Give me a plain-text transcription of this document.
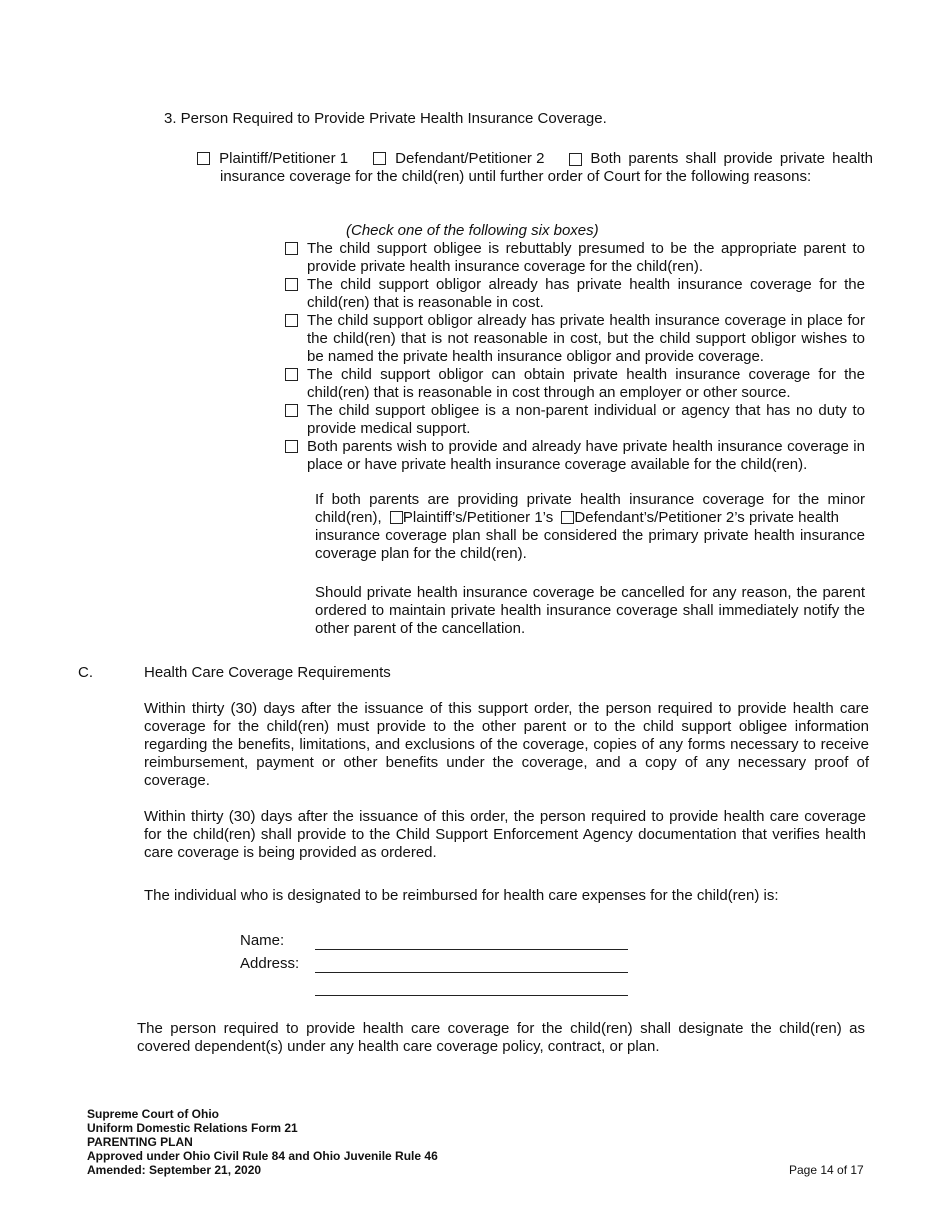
3. Person Required to Provide Private Health Insurance Coverage.
Plaintiff/Petitioner 1	Defendant/Petitioner 2	Both parents shall provide private health
insurance coverage for the child(ren) until further order of Court for the following reasons:
(Check one of the following six boxes)
The child support obligee is rebuttably presumed to be the appropriate parent to provide private health insurance coverage for the child(ren).
The child support obligor already has private health insurance coverage for the child(ren) that is reasonable in cost.
The child support obligor already has private health insurance coverage in place for the child(ren) that is not reasonable in cost, but the child support obligor wishes to be named the private health insurance obligor and provide coverage.
The child support obligor can obtain private health insurance coverage for the child(ren) that is reasonable in cost through an employer or other source.
The child support obligee is a non-parent individual or agency that has no duty to provide medical support.
Both parents wish to provide and already have private health insurance coverage in place or have private health insurance coverage available for the child(ren).
If both parents are providing private health insurance coverage for the minor
child(ren), Plaintiff’s/Petitioner 1’s Defendant’s/Petitioner 2’s private health
insurance coverage plan shall be considered the primary private health insurance coverage plan for the child(ren).
Should private health insurance coverage be cancelled for any reason, the parent ordered to maintain private health insurance coverage shall immediately notify the other parent of the cancellation.
C.	Health Care Coverage Requirements
Within thirty (30) days after the issuance of this support order, the person required to provide health care coverage for the child(ren) must provide to the other parent or to the child support obligee information regarding the benefits, limitations, and exclusions of the coverage, copies of any forms necessary to receive reimbursement, payment or other benefits under the coverage, and a copy of any necessary proof of coverage.
Within thirty (30) days after the issuance of this order, the person required to provide health care coverage for the child(ren) shall provide to the Child Support Enforcement Agency documentation that verifies health care coverage is being provided as ordered.
The individual who is designated to be reimbursed for health care expenses for the child(ren) is:
Name:
Address:
The person required to provide health care coverage for the child(ren) shall designate the child(ren) as covered dependent(s) under any health care coverage policy, contract, or plan.
Supreme Court of Ohio
Uniform Domestic Relations Form 21
PARENTING PLAN
Approved under Ohio Civil Rule 84 and Ohio Juvenile Rule 46
Amended: September 21, 2020	Page 14 of 17
